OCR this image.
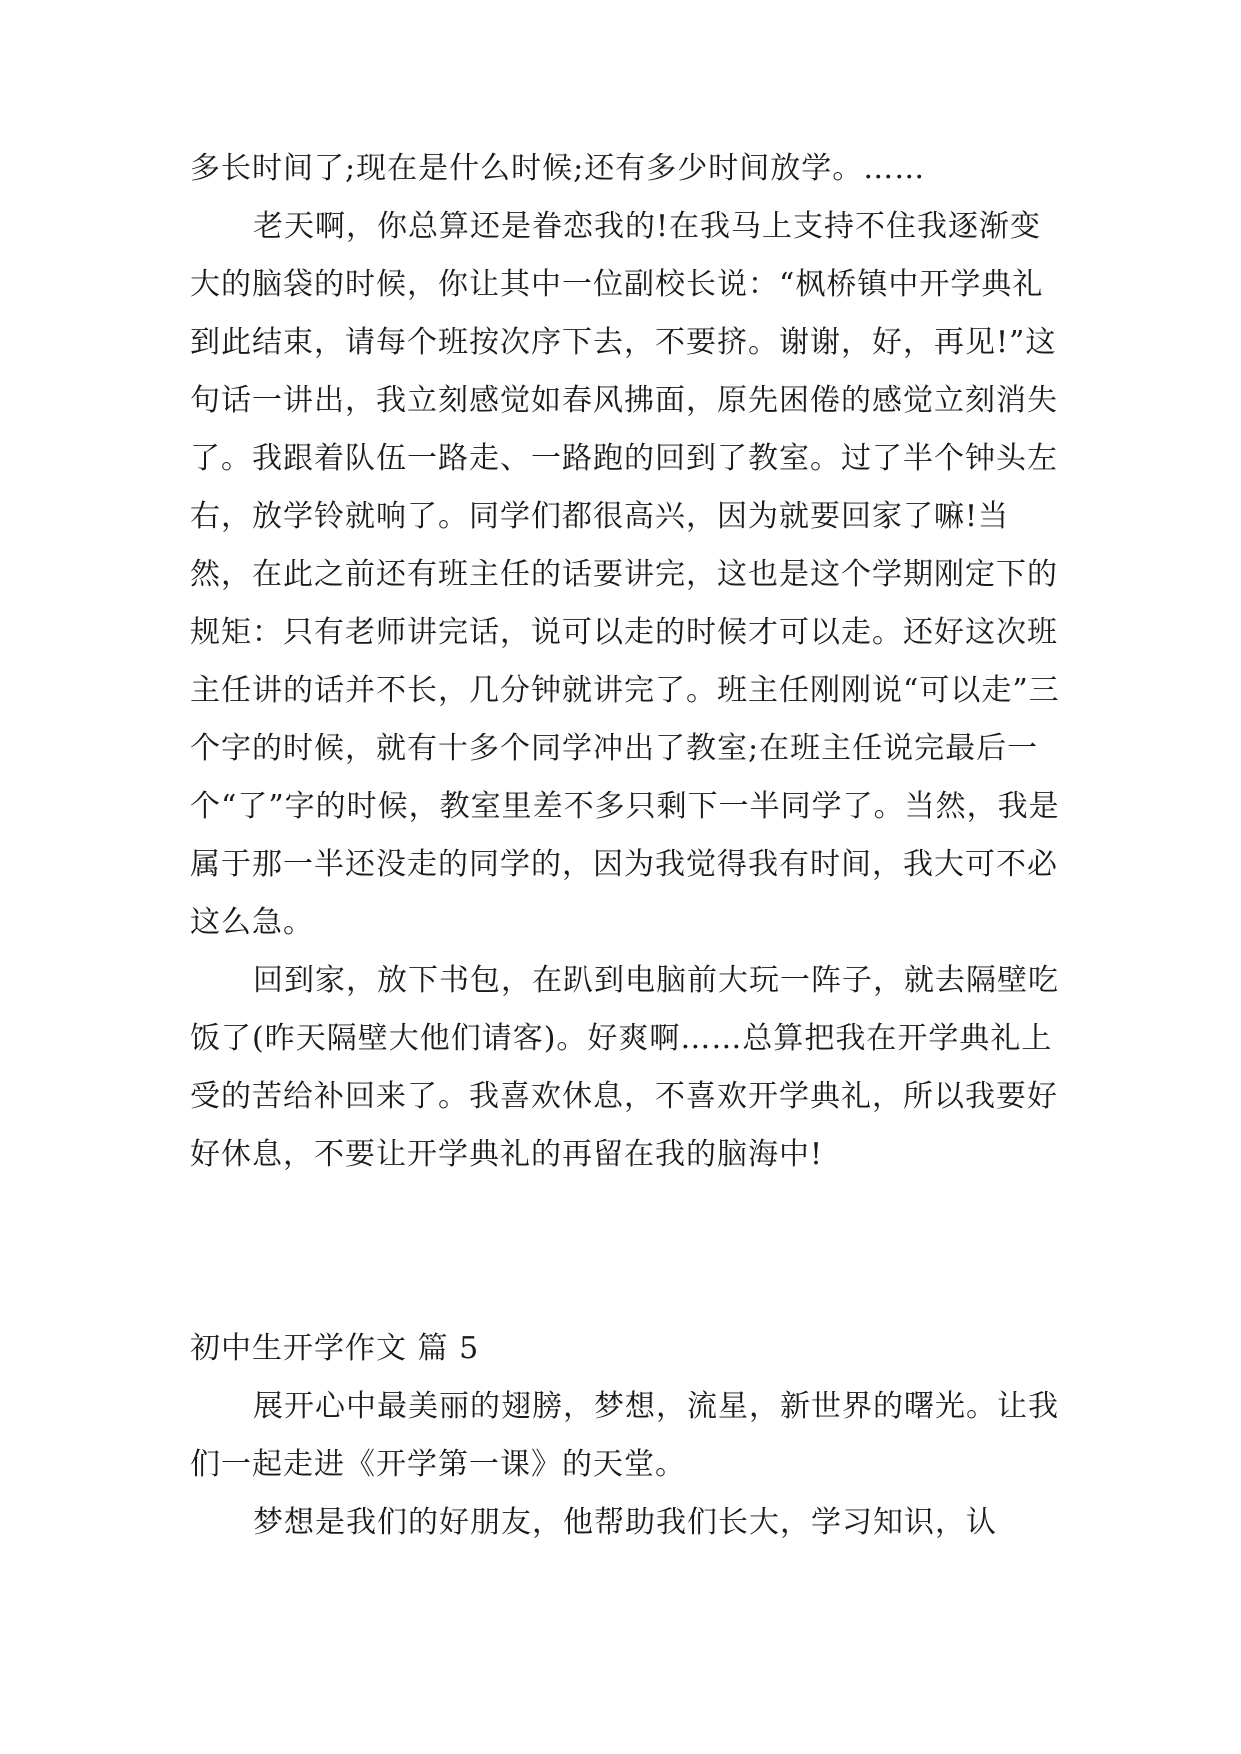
多长时间了;现在是什么时候;还有多少时间放学。……

老天啊，你总算还是眷恋我的!在我马上支持不住我逐渐变大的脑袋的时候，你让其中一位副校长说：“枫桥镇中开学典礼到此结束，请每个班按次序下去，不要挤。谢谢，好，再见!”这句话一讲出，我立刻感觉如春风拂面，原先困倦的感觉立刻消失了。我跟着队伍一路走、一路跑的回到了教室。过了半个钟头左右，放学铃就响了。同学们都很高兴，因为就要回家了嘛!当然，在此之前还有班主任的话要讲完，这也是这个学期刚定下的规矩：只有老师讲完话，说可以走的时候才可以走。还好这次班主任讲的话并不长，几分钟就讲完了。班主任刚刚说“可以走”三个字的时候，就有十多个同学冲出了教室;在班主任说完最后一个“了”字的时候，教室里差不多只剩下一半同学了。当然，我是属于那一半还没走的同学的，因为我觉得我有时间，我大可不必这么急。

回到家，放下书包，在趴到电脑前大玩一阵子，就去隔壁吃饭了(昨天隔壁大他们请客)。好爽啊……总算把我在开学典礼上受的苦给补回来了。我喜欢休息，不喜欢开学典礼，所以我要好好休息，不要让开学典礼的再留在我的脑海中!

初中生开学作文 篇 5

展开心中最美丽的翅膀，梦想，流星，新世界的曙光。让我们一起走进《开学第一课》的天堂。

梦想是我们的好朋友，他帮助我们长大，学习知识，认
